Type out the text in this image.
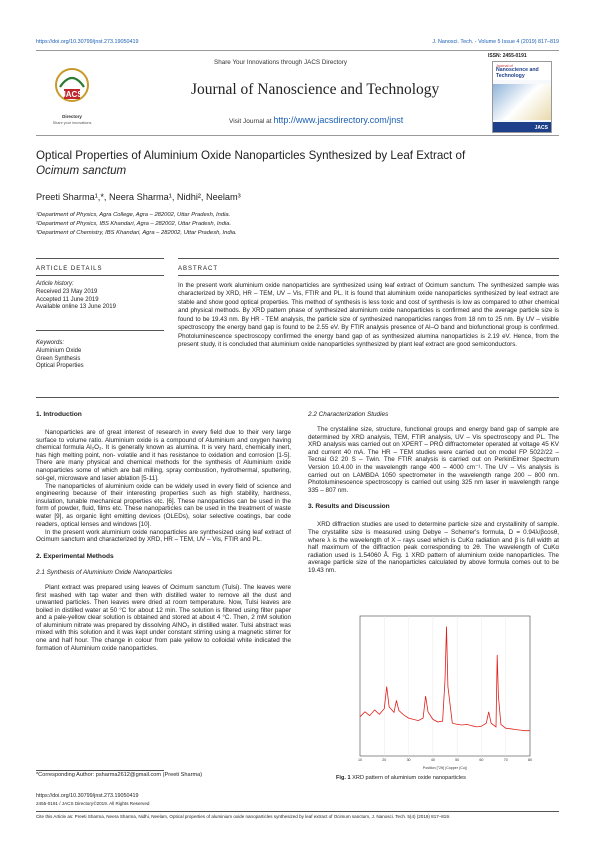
https://doi.org/10.30799/jnst.273.19050419	J. Nanosci. Tech. - Volume 5 Issue 4 (2019) 817–819
JACS
Directory
Share your innovations
Share Your Innovations through JACS Directory
Journal of Nanoscience and Technology
Visit Journal at http://www.jacsdirectory.com/jnst
ISSN: 2455-0191
Journal of
Nanoscience and Technology
JACS
Optical Properties of Aluminium Oxide Nanoparticles Synthesized by Leaf Extract of
Ocimum sanctum
Preeti Sharma¹,*, Neera Sharma¹, Nidhi², Neelam³
¹Department of Physics, Agra College, Agra – 282002, Uttar Pradesh, India.
²Department of Physics, IBS Khandari, Agra – 282002, Uttar Pradesh, India.
³Department of Chemistry, IBS Khandari, Agra – 282002, Uttar Pradesh, India.
ARTICLE DETAILS
Article history:
Received 23 May 2019
Accepted 11 June 2019
Available online 13 June 2019
Keywords:
Aluminium Oxide
Green Synthesis
Optical Properties
ABSTRACT
In the present work aluminium oxide nanoparticles are synthesized using leaf extract of Ocimum sanctum. The synthesized sample was characterized by XRD, HR – TEM, UV – Vis, FTIR and PL. It is found that aluminium oxide nanoparticles synthesized by leaf extract are stable and show good optical properties. This method of synthesis is less toxic and cost of synthesis is low as compared to other chemical and physical methods. By XRD pattern phase of synthesized aluminium oxide nanoparticles is confirmed and the average particle size is found to be 19.43 nm. By HR - TEM analysis, the particle size of synthesized nanoparticles ranges from 18 nm to 25 nm. By UV – visible spectroscopy the energy band gap is found to be 2.55 eV. By FTIR analysis presence of Al–O band and biofunctional group is confirmed. Photoluminescence spectroscopy confirmed the energy band gap of as synthesized alumina nanoparticles is 2.19 eV. Hence, from the present study, it is concluded that aluminium oxide nanoparticles synthesized by plant leaf extract are good semiconductors.
1. Introduction

Nanoparticles are of great interest of research in every field due to their very large surface to volume ratio. Aluminium oxide is a compound of Aluminium and oxygen having chemical formula Al₂O₃. It is generally known as alumina. It is very hard, chemically inert, has high melting point, non- volatile and it has resistance to oxidation and corrosion [1-5]. There are many physical and chemical methods for the synthesis of Aluminium oxide nanoparticles some of which are ball milling, spray combustion, hydrothermal, sputtering, sol-gel, microwave and laser ablation [5-11].

The nanoparticles of aluminium oxide can be widely used in every field of science and engineering because of their interesting properties such as high stability, hardness, insulation, tunable mechanical properties etc. [6]. These nanoparticles can be used in the form of powder, fluid, films etc. These nanoparticles can be used in the treatment of waste water [9], as organic light emitting devices (OLEDs), solar selective coatings, bar code readers, optical lenses and windows [10].

In the present work aluminium oxide nanoparticles are synthesized using leaf extract of Ocimum sanctum and characterized by XRD, HR – TEM, UV – Vis, FTIR and PL.

2. Experimental Methods
2.1 Synthesis of Aluminium Oxide Nanoparticles

Plant extract was prepared using leaves of Ocimum sanctum (Tulsi). The leaves were first washed with tap water and then with distilled water to remove all the dust and unwanted particles. Then leaves were dried at room temperature. Now, Tulsi leaves are boiled in distilled water at 50 °C for about 12 min. The solution is filtered using filter paper and a pale-yellow clear solution is obtained and stored at about 4 °C. Then, 2 mM solution of aluminium nitrate was prepared by dissolving AlNO₃ in distilled water. Tulsi abstract was mixed with this solution and it was kept under constant stirring using a magnetic stirrer for one and half hour. The change in colour from pale yellow to colloidal white indicated the formation of Aluminium oxide nanoparticles.

*Corresponding Author: psharma2612@gmail.com (Preeti Sharma)
https://doi.org/10.30799/jnst.273.19050419
2455-0191 / JACS Directory©2019. All Rights Reserved
2.2 Characterization Studies

The crystalline size, structure, functional groups and energy band gap of sample are determined by XRD analysis, TEM, FTIR analysis, UV – Vis spectroscopy and PL. The XRD analysis was carried out on XPERT – PRO diffractometer operated at voltage 45 KV and current 40 mA. The HR – TEM studies were carried out on model FP 5022/22 – Tecnai G2 20 S – Twin. The FTIR analysis is carried out on PerkinElmer Spectrum Version 10.4.00 in the wavelength range 400 – 4000 cm⁻¹. The UV – Vis analysis is carried out on LAMBDA 1050 spectrometer in the wavelength range 200 – 800 nm. Photoluminescence spectroscopy is carried out using 325 nm laser in wavelength range 335 – 807 nm.

3. Results and Discussion

XRD diffraction studies are used to determine particle size and crystallinity of sample. The crystallite size is measured using Debye – Scherrer's formula, D = 0.94λ/βcosθ, where λ is the wavelength of X – rays used which is CuKα radiation and β is full width at half maximum of the diffraction peak corresponding to 2θ. The wavelength of CuKα radiation used is 1.54060 Å. Fig. 1 XRD pattern of aluminium oxide nanoparticles. The average particle size of the nanoparticles calculated by above formula comes out to be 19.43 nm.

10	20	30	40	50	60	70	80
Position [°2θ] (Copper (Cu))
Fig. 1 XRD pattern of aluminium oxide nanoparticles
Cite this Article as: Preeti Sharma, Neera Sharma, Nidhi, Neelam, Optical properties of aluminium oxide nanoparticles synthesized by leaf extract of Ocimum sanctum, J. Nanosci. Tech. 5(4) (2019) 817–819.
